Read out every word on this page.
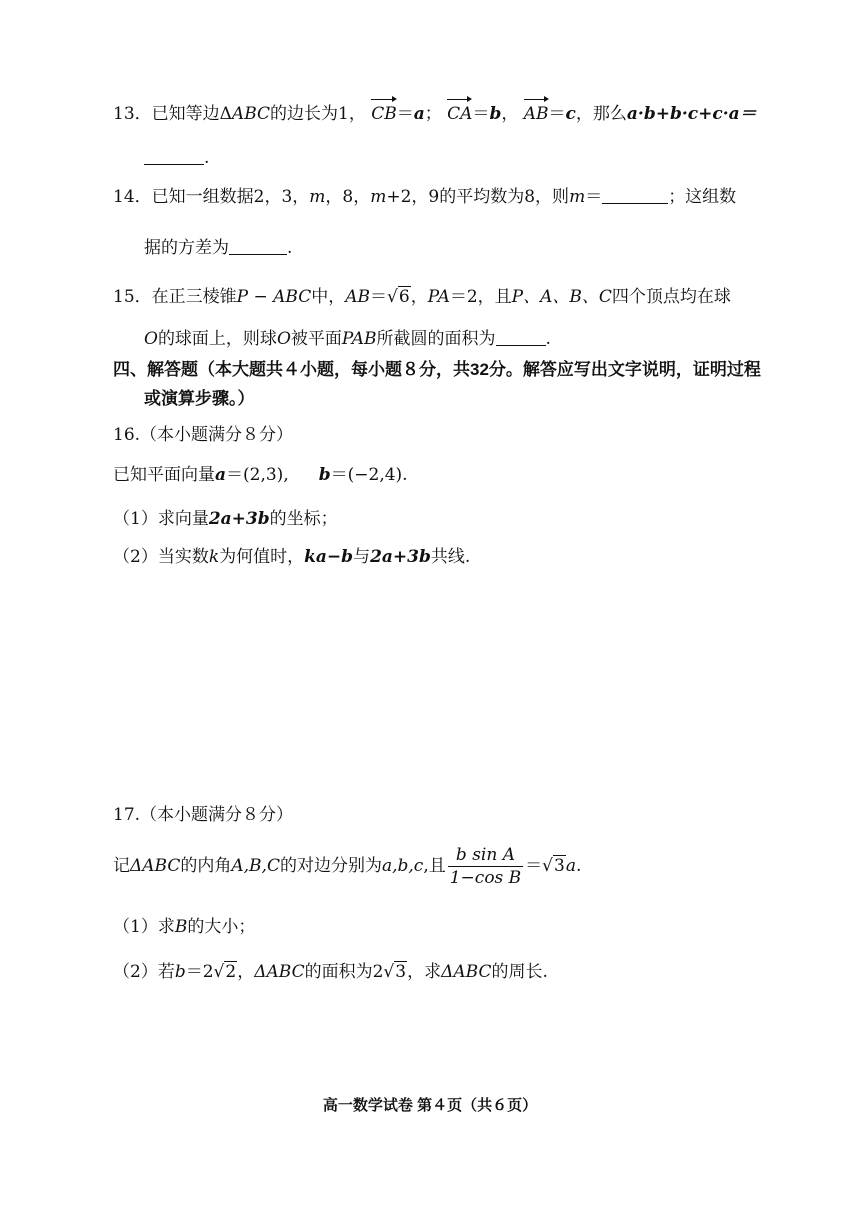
13．已知等边ΔABC的边长为1， CB＝a； CA＝b， AB＝c，那么a·b+b·c+c·a＝
.
14．已知一组数据2，3，m，8，m+2，9的平均数为8，则m＝	；这组数
据的方差为	.
15．在正三棱锥P − ABC中，AB＝√6，PA＝2，且P、A、B、C四个顶点均在球
O的球面上，则球O被平面PAB所截圆的面积为	.
四、解答题（本大题共４小题，每小题８分，共32分。解答应写出文字说明，证明过程
或演算步骤。）
16.（本小题满分８分）
已知平面向量a＝(2,3), b＝(−2,4).
（1）求向量2a+3b的坐标；
（2）当实数k为何值时，ka−b与2a+3b共线.
17.（本小题满分８分）
记ΔABC的内角A,B,C的对边分别为a,b,c,且 $\frac{\text{b sin A}}{\text{1−cos B}} =√3a$.
（1）求B的大小；
（2）若b＝2√2，ΔABC的面积为2√3，求ΔABC的周长.
高一数学试卷 第４页（共６页）
